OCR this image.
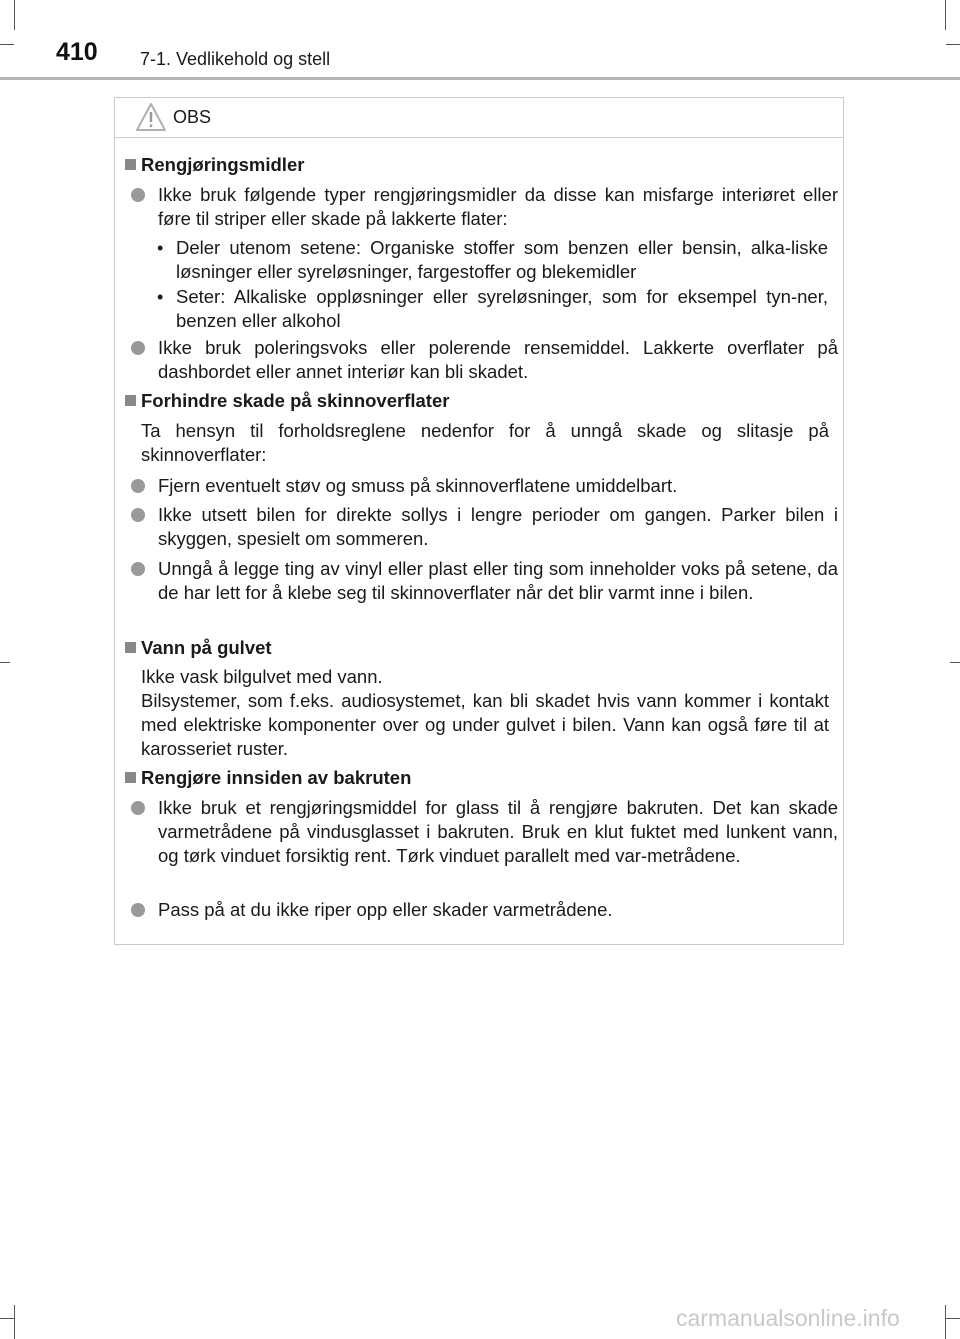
410 7-1. Vedlikehold og stell
OBS
Rengjøringsmidler
Ikke bruk følgende typer rengjøringsmidler da disse kan misfarge interiøret eller føre til striper eller skade på lakkerte flater:
• Deler utenom setene: Organiske stoffer som benzen eller bensin, alka-liske løsninger eller syreløsninger, fargestoffer og blekemidler
• Seter: Alkaliske oppløsninger eller syreløsninger, som for eksempel tyn-ner, benzen eller alkohol
Ikke bruk poleringsvoks eller polerende rensemiddel. Lakkerte overflater på dashbordet eller annet interiør kan bli skadet.
Forhindre skade på skinnoverflater
Ta hensyn til forholdsreglene nedenfor for å unngå skade og slitasje på skinnoverflater:
Fjern eventuelt støv og smuss på skinnoverflatene umiddelbart.
Ikke utsett bilen for direkte sollys i lengre perioder om gangen. Parker bilen i skyggen, spesielt om sommeren.
Unngå å legge ting av vinyl eller plast eller ting som inneholder voks på setene, da de har lett for å klebe seg til skinnoverflater når det blir varmt inne i bilen.
Vann på gulvet
Ikke vask bilgulvet med vann.
Bilsystemer, som f.eks. audiosystemet, kan bli skadet hvis vann kommer i kontakt med elektriske komponenter over og under gulvet i bilen. Vann kan også føre til at karosseriet ruster.
Rengjøre innsiden av bakruten
Ikke bruk et rengjøringsmiddel for glass til å rengjøre bakruten. Det kan skade varmetrådene på vindusglasset i bakruten. Bruk en klut fuktet med lunkent vann, og tørk vinduet forsiktig rent. Tørk vinduet parallelt med var-metrådene.
Pass på at du ikke riper opp eller skader varmetrådene.
carmanualsonline.info
